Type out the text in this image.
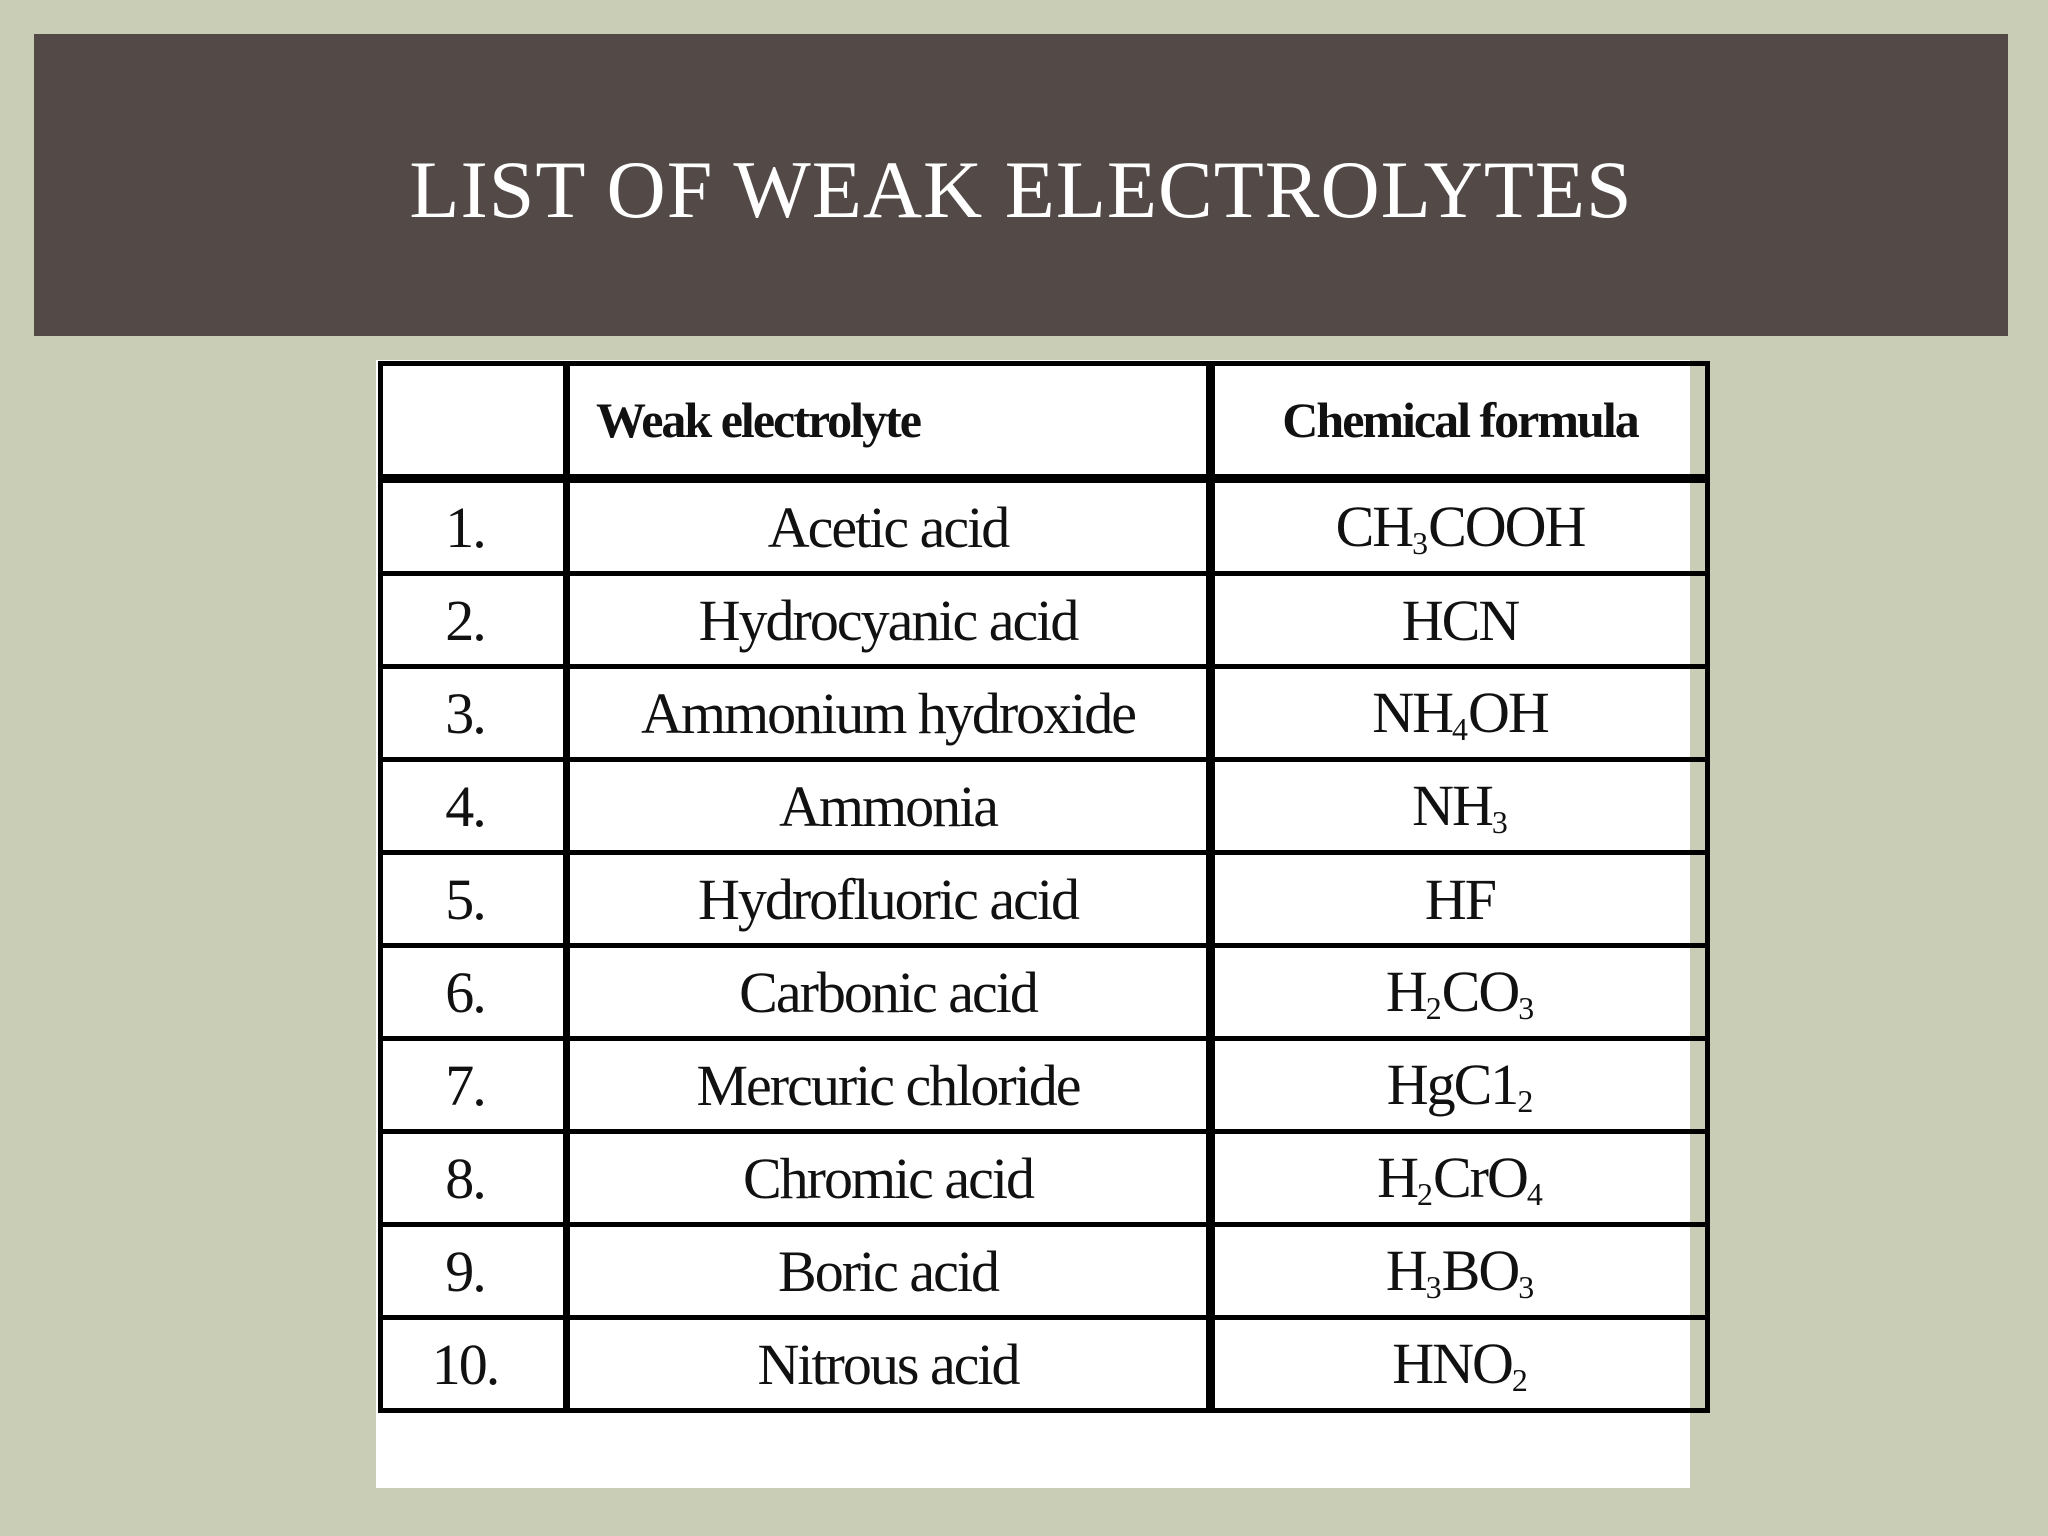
LIST OF WEAK ELECTROLYTES
	Weak electrolyte	Chemical formula
1.	Acetic acid	$CH_3COOH$
2.	Hydrocyanic acid	HCN
3.	Ammonium hydroxide	$NH_4OH$
4.	Ammonia	$NH_3$
5.	Hydrofluoric acid	HF
6.	Carbonic acid	$H_2CO_3$
7.	Mercuric chloride	$HgC1_2$
8.	Chromic acid	$H_2CrO_4$
9.	Boric acid	$H_3BO_3$
10.	Nitrous acid	$HNO_2$
